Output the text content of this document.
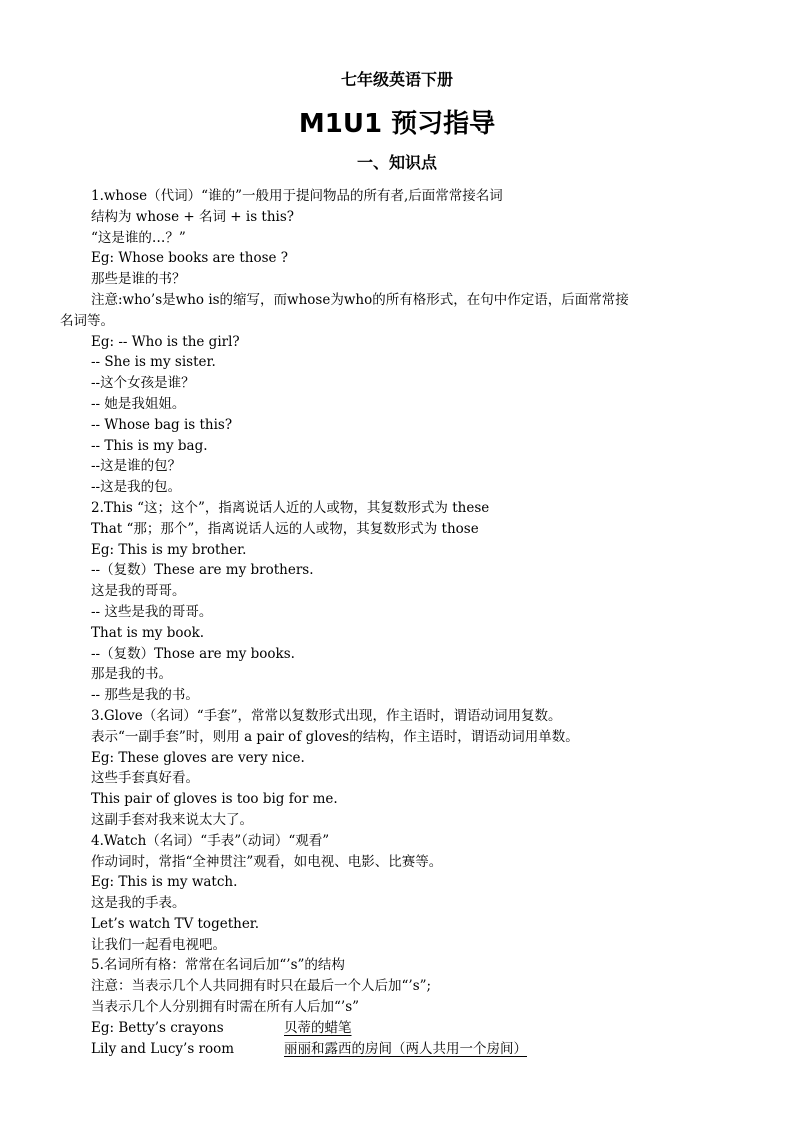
七年级英语下册
M1U1 预习指导
一、知识点
1.whose（代词）“谁的”一般用于提问物品的所有者,后面常常接名词
结构为 whose + 名词 + is this?
“这是谁的…？”
Eg: Whose books are those ?
那些是谁的书？
注意:who’s是who is的缩写，而whose为who的所有格形式，在句中作定语，后面常常接
名词等。
Eg: -- Who is the girl?
-- She is my sister.
--这个女孩是谁？
-- 她是我姐姐。
-- Whose bag is this?
-- This is my bag.
--这是谁的包？
--这是我的包。
2.This “这；这个”，指离说话人近的人或物，其复数形式为 these
That “那；那个”，指离说话人远的人或物，其复数形式为 those
Eg: This is my brother.
--（复数）These are my brothers.
这是我的哥哥。
-- 这些是我的哥哥。
That is my book.
--（复数）Those are my books.
那是我的书。
-- 那些是我的书。
3.Glove（名词）“手套”，常常以复数形式出现，作主语时，谓语动词用复数。
表示“一副手套”时，则用 a pair of gloves的结构，作主语时，谓语动词用单数。
Eg: These gloves are very nice.
这些手套真好看。
This pair of gloves is too big for me.
这副手套对我来说太大了。
4.Watch（名词）“手表”（动词）“观看”
作动词时，常指“全神贯注”观看，如电视、电影、比赛等。
Eg: This is my watch.
这是我的手表。
Let’s watch TV together.
让我们一起看电视吧。
5.名词所有格：常常在名词后加“’s”的结构
注意：当表示几个人共同拥有时只在最后一个人后加“’s”;
当表示几个人分别拥有时需在所有人后加“’s”
Eg: Betty’s crayons	贝蒂的蜡笔
Lily and Lucy’s room	丽丽和露西的房间（两人共用一个房间）
